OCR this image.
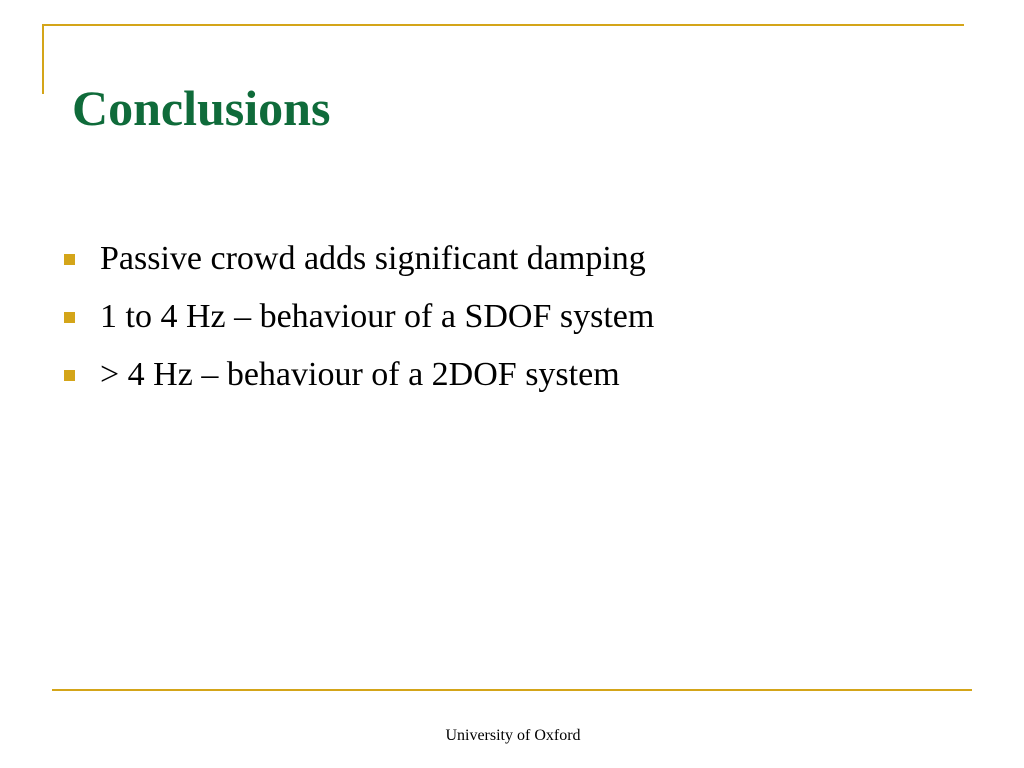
Conclusions
Passive crowd adds significant damping
1 to 4 Hz – behaviour of a SDOF system
> 4 Hz – behaviour of a 2DOF system
University of Oxford
